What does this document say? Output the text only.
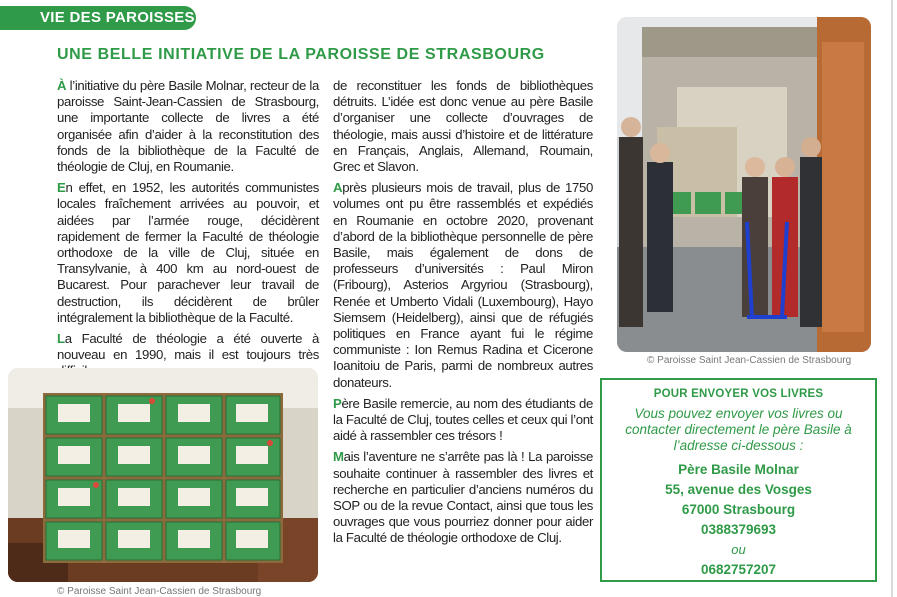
VIE DES PAROISSES
UNE BELLE INITIATIVE DE LA PAROISSE DE STRASBOURG

À l’initiative du père Basile Molnar, recteur de la paroisse Saint-Jean-Cassien de Strasbourg, une importante collecte de livres a été organisée afin d’aider à la reconstitution des fonds de la bibliothèque de la Faculté de théologie de Cluj, en Roumanie.

En effet, en 1952, les autorités communistes locales fraîchement arrivées au pouvoir, et aidées par l’armée rouge, décidèrent rapidement de fermer la Faculté de théologie orthodoxe de la ville de Cluj, située en Transylvanie, à 400 km au nord-ouest de Bucarest. Pour parachever leur travail de destruction, ils décidèrent de brûler intégralement la bibliothèque de la Faculté.

La Faculté de théologie a été ouverte à nouveau en 1990, mais il est toujours très

de reconstituer les fonds de bibliothèques détruits. L’idée est donc venue au père Basile d’organiser une collecte d’ouvrages de théologie, mais aussi d’histoire et de littérature en Français, Anglais, Allemand, Roumain, Grec et Slavon.

Après plusieurs mois de travail, plus de 1750 volumes ont pu être rassemblés et expédiés en Roumanie en octobre 2020, provenant d’abord de la bibliothèque personnelle de père Basile, mais également de dons de professeurs d’universités : Paul Miron (Fribourg), Asterios Argyriou (Strasbourg), Renée et Umberto Vidali (Luxembourg), Hayo Siemsem (Heidelberg), ainsi que de réfugiés politiques en France ayant fui le régime communiste : Ion Remus Radina et Cicerone Ioanitoiu de Paris, parmi de nombreux autres donateurs.

Père Basile remercie, au nom des étudiants de la Faculté de Cluj, toutes celles et ceux qui l’ont aidé à rassembler ces trésors !

Mais l’aventure ne s’arrête pas là ! La paroisse souhaite continuer à rassembler des livres et recherche en particulier d’anciens numéros du SOP ou de la revue Contact, ainsi que tous les ouvrages que vous pourriez donner pour aider la Faculté de théologie orthodoxe de Cluj.

© Paroisse Saint Jean-Cassien de Strasbourg
© Paroisse Saint Jean-Cassien de Strasbourg
POUR ENVOYER VOS LIVRES
Vous pouvez envoyer vos livres ou contacter directement le père Basile à l’adresse ci-dessous :
Père Basile Molnar
55, avenue des Vosges
67000 Strasbourg
0388379693
ou
0682757207
